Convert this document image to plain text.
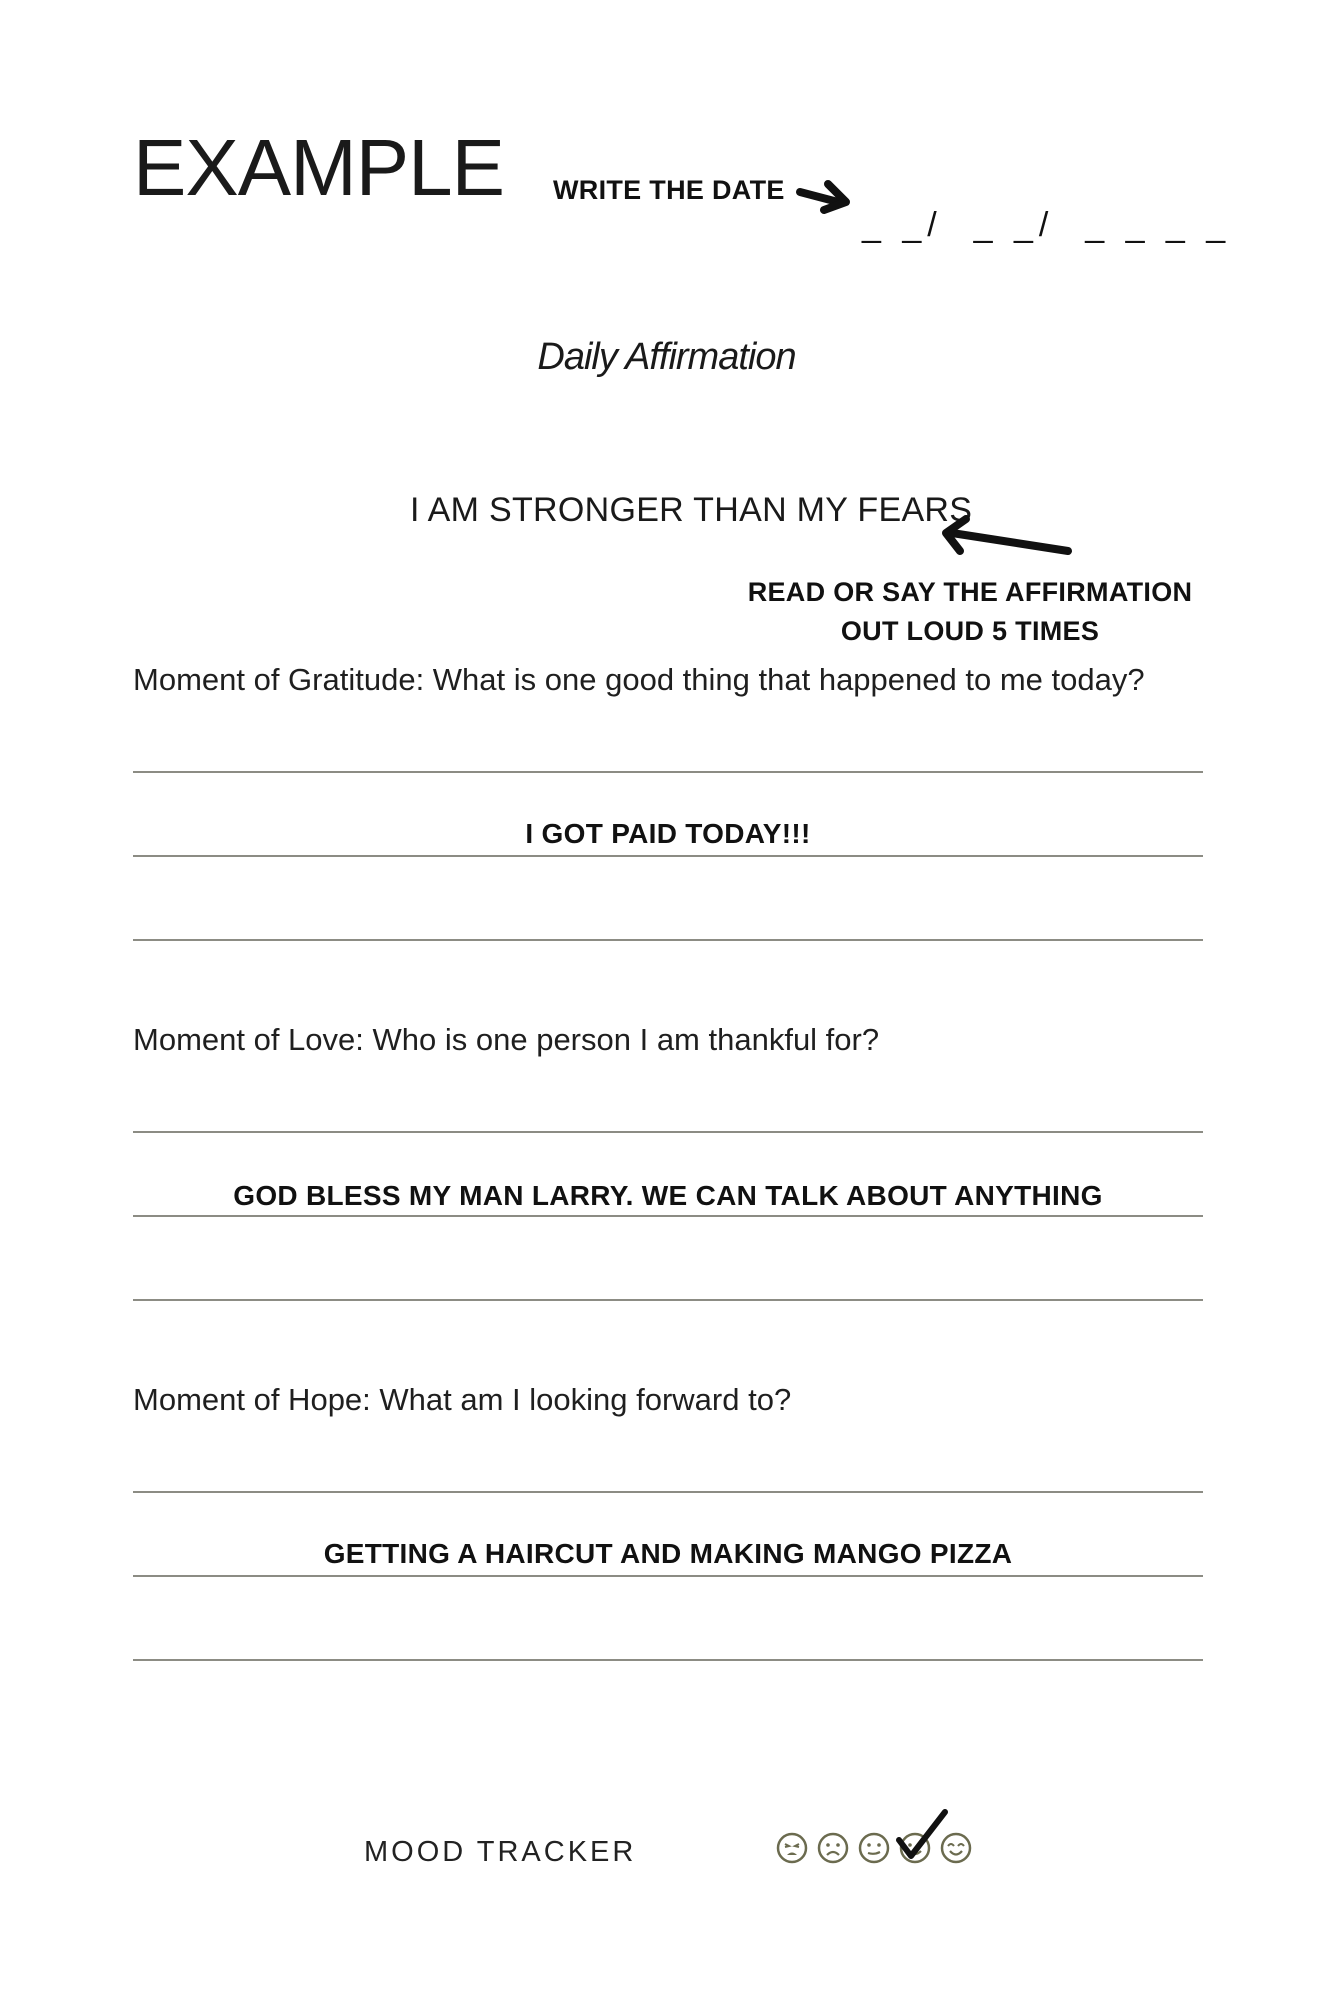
EXAMPLE WRITE THE DATE
_ _/  _ _/  _ _ _ _
Daily Affirmation
I AM STRONGER THAN MY FEARS
READ OR SAY THE AFFIRMATION
OUT LOUD 5 TIMES
Moment of Gratitude: What is one good thing that happened to me today?
I GOT PAID TODAY!!!
Moment of Love: Who is one person I am thankful for?
GOD BLESS MY MAN LARRY. WE CAN TALK ABOUT ANYTHING
Moment of Hope: What am I looking forward to?
GETTING A HAIRCUT AND MAKING MANGO PIZZA
MOOD TRACKER
